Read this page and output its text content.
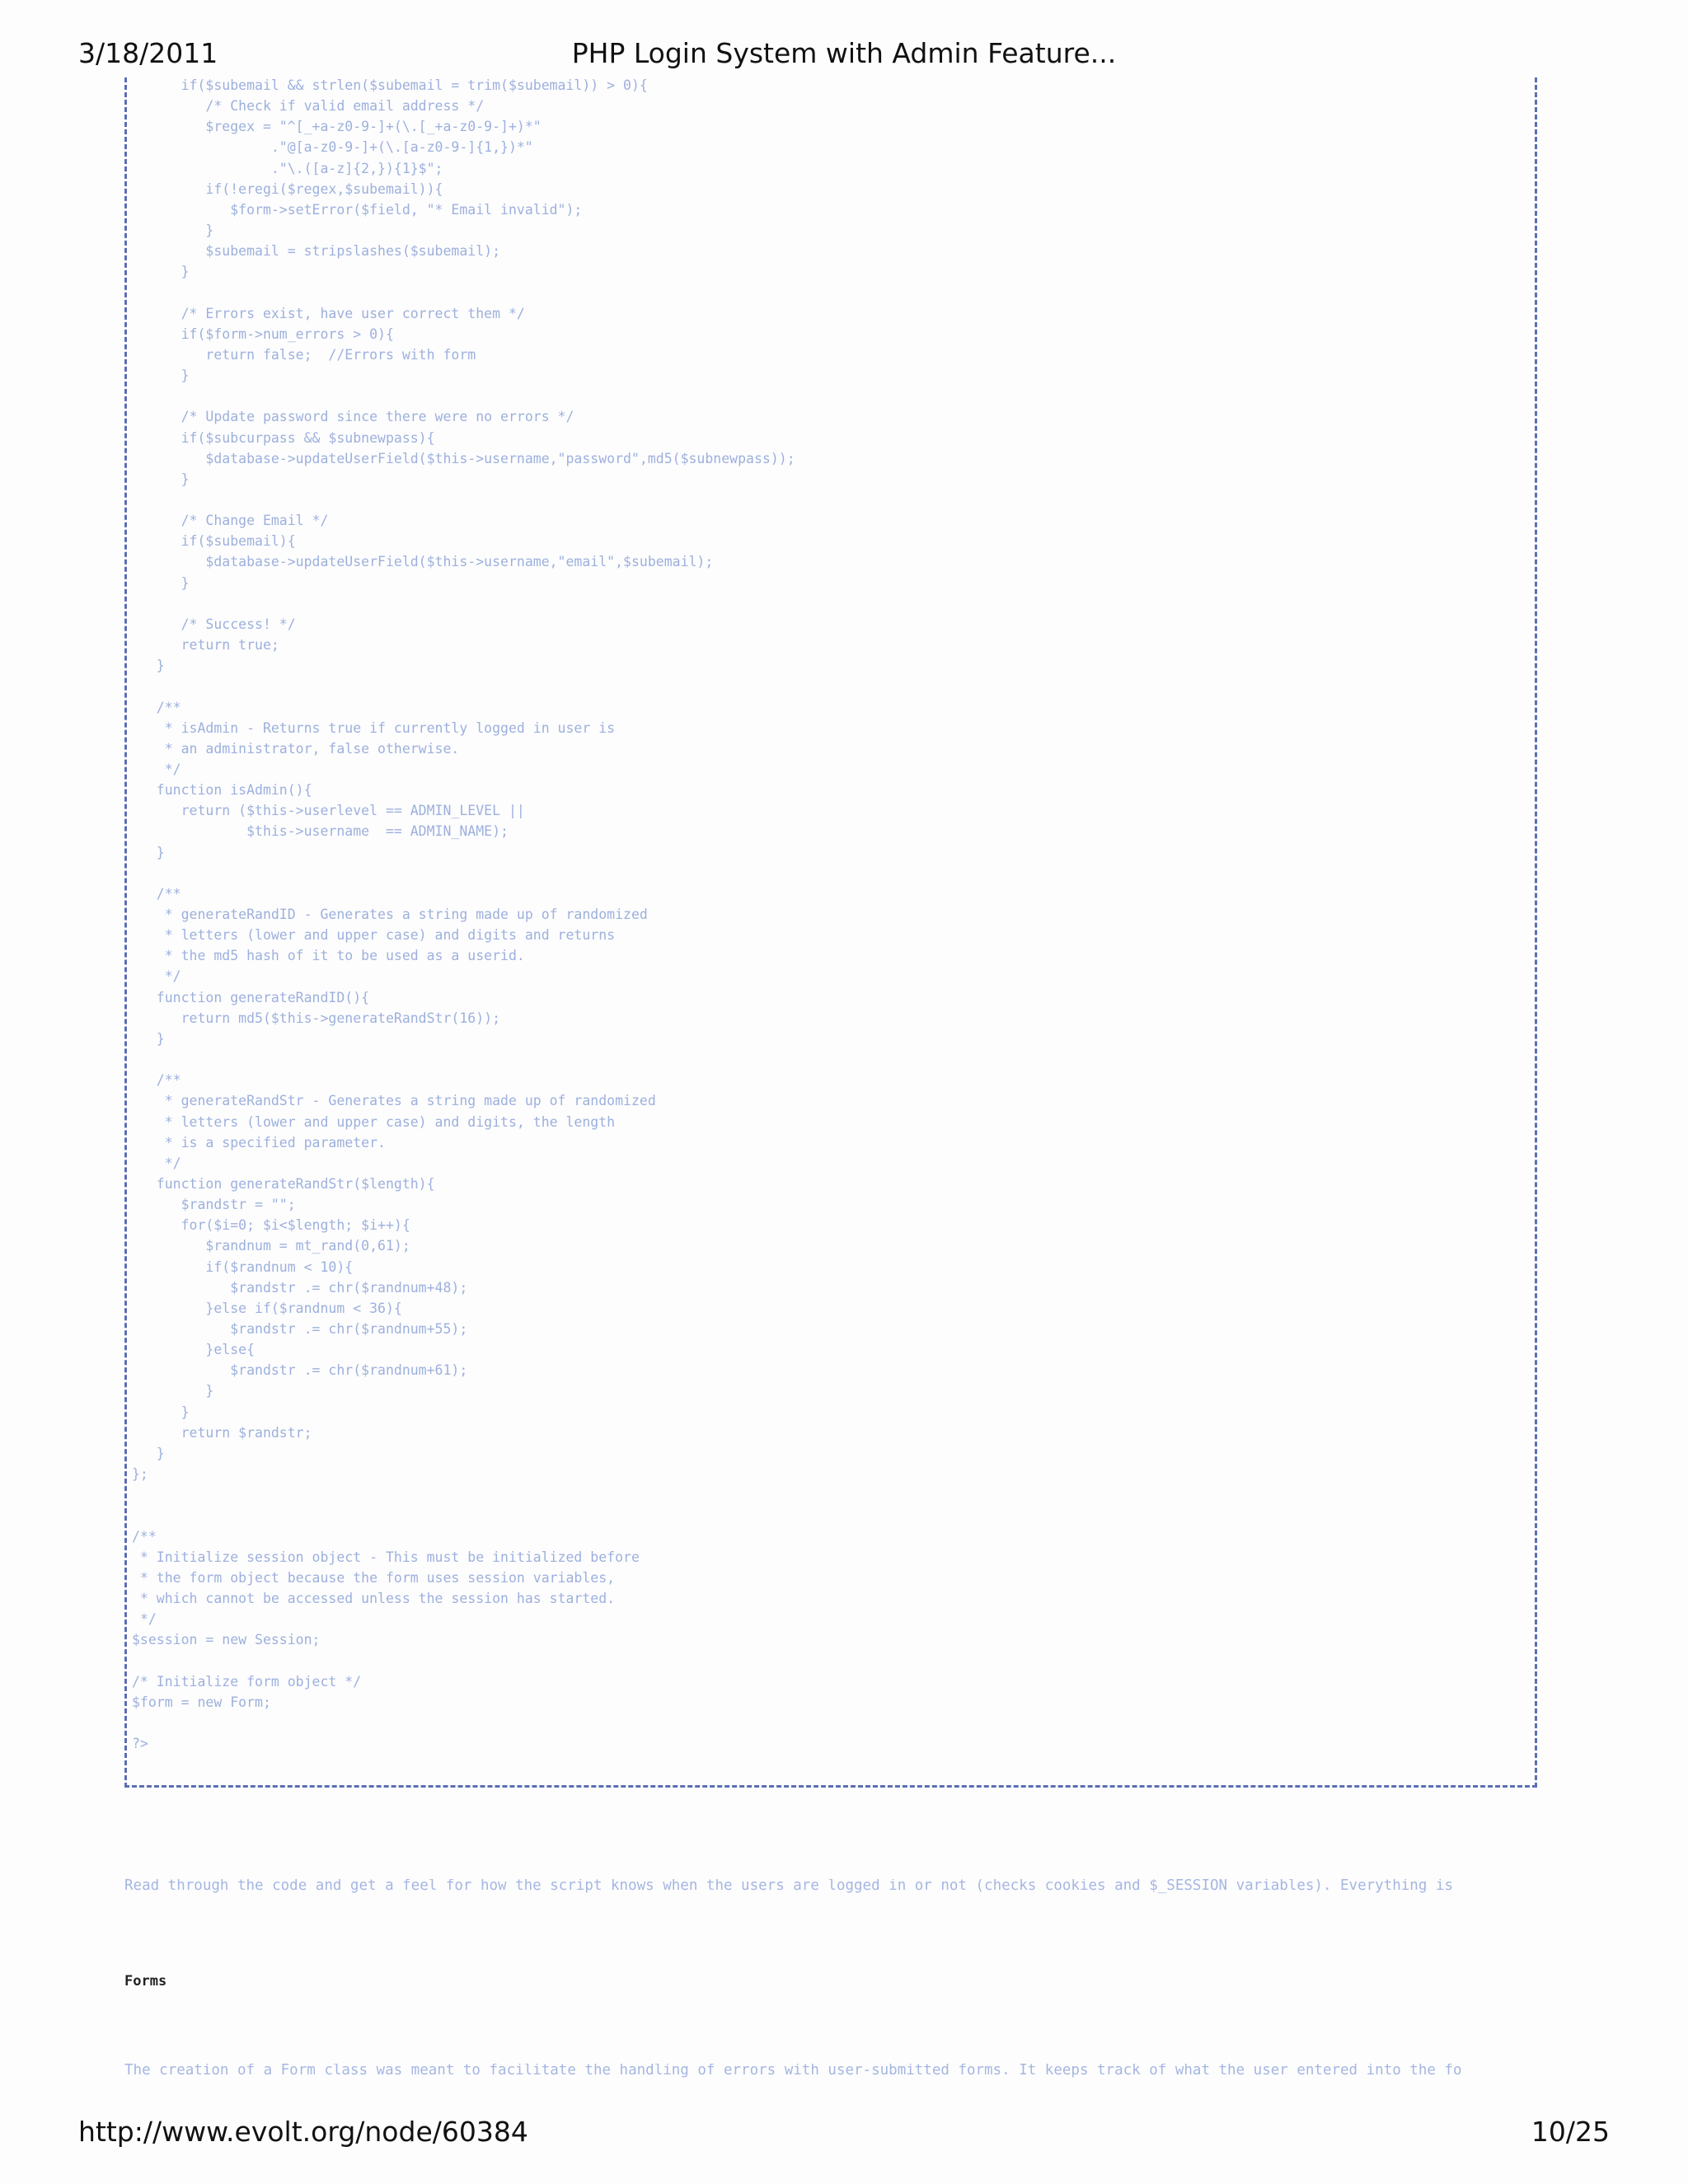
3/18/2011	PHP Login System with Admin Feature...
if($subemail && strlen($subemail = trim($subemail)) > 0){
/* Check if valid email address */
$regex = "^[_+a-z0-9-]+(\.[_+a-z0-9-]+)*"
."@[a-z0-9-]+(\.[a-z0-9-]{1,})*"
."\.([a-z]{2,}){1}$";
if(!eregi($regex,$subemail)){
$form->setError($field, "* Email invalid");
}
$subemail = stripslashes($subemail);
}
/* Errors exist, have user correct them */
if($form->num_errors > 0){
return false;  //Errors with form
}
/* Update password since there were no errors */
if($subcurpass && $subnewpass){
$database->updateUserField($this->username,"password",md5($subnewpass));
}
/* Change Email */
if($subemail){
$database->updateUserField($this->username,"email",$subemail);
}
/* Success! */
return true;
}
/**
* isAdmin - Returns true if currently logged in user is
* an administrator, false otherwise.
*/
function isAdmin(){
return ($this->userlevel == ADMIN_LEVEL ||
$this->username  == ADMIN_NAME);
}
/**
* generateRandID - Generates a string made up of randomized
* letters (lower and upper case) and digits and returns
* the md5 hash of it to be used as a userid.
*/
function generateRandID(){
return md5($this->generateRandStr(16));
}
/**
* generateRandStr - Generates a string made up of randomized
* letters (lower and upper case) and digits, the length
* is a specified parameter.
*/
function generateRandStr($length){
$randstr = "";
for($i=0; $i<$length; $i++){
$randnum = mt_rand(0,61);
if($randnum < 10){
$randstr .= chr($randnum+48);
}else if($randnum < 36){
$randstr .= chr($randnum+55);
}else{
$randstr .= chr($randnum+61);
}
}
return $randstr;
}
};
/**
* Initialize session object - This must be initialized before
* the form object because the form uses session variables,
* which cannot be accessed unless the session has started.
*/
$session = new Session;
/* Initialize form object */
$form = new Form;
?>

Read through the code and get a feel for how the script knows when the users are logged in or not (checks cookies and $_SESSION variables). Everything is

Forms

The creation of a Form class was meant to facilitate the handling of errors with user-submitted forms. It keeps track of what the user entered into the fo

http://www.evolt.org/node/60384	10/25
